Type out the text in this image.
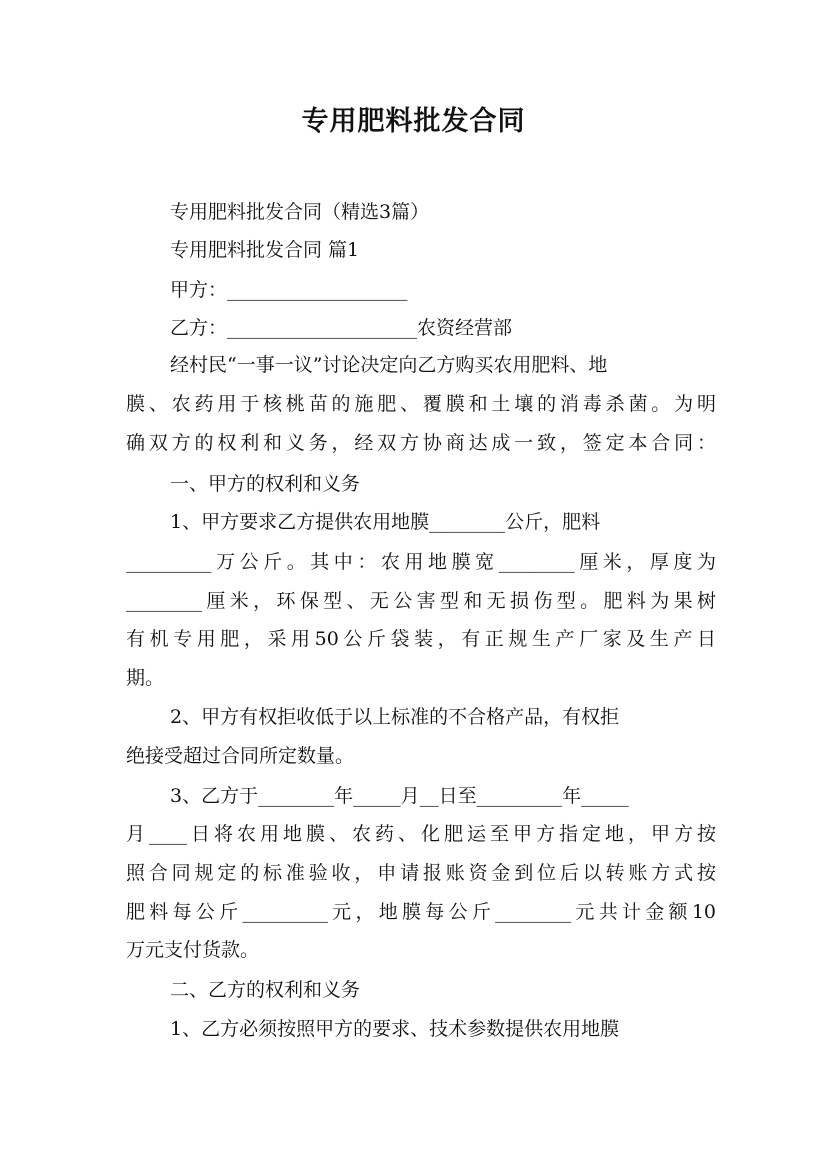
专用肥料批发合同
专用肥料批发合同（精选3篇）
专用肥料批发合同 篇1
甲方：___________________
乙方：____________________农资经营部
经村民“一事一议”讨论决定向乙方购买农用肥料、地
膜、农药用于核桃苗的施肥、覆膜和土壤的消毒杀菌。为明
确双方的权利和义务，经双方协商达成一致，签定本合同：
一、甲方的权利和义务
1、甲方要求乙方提供农用地膜________公斤，肥料
_________万公斤。其中：农用地膜宽________厘米，厚度为
________厘米，环保型、无公害型和无损伤型。肥料为果树
有机专用肥，采用50公斤袋装，有正规生产厂家及生产日
期。
2、甲方有权拒收低于以上标准的不合格产品，有权拒
绝接受超过合同所定数量。
3、乙方于________年_____月__日至_________年_____
月____日将农用地膜、农药、化肥运至甲方指定地，甲方按
照合同规定的标准验收，申请报账资金到位后以转账方式按
肥料每公斤_________元，地膜每公斤________元共计金额10
万元支付货款。
二、乙方的权利和义务
1、乙方必须按照甲方的要求、技术参数提供农用地膜
